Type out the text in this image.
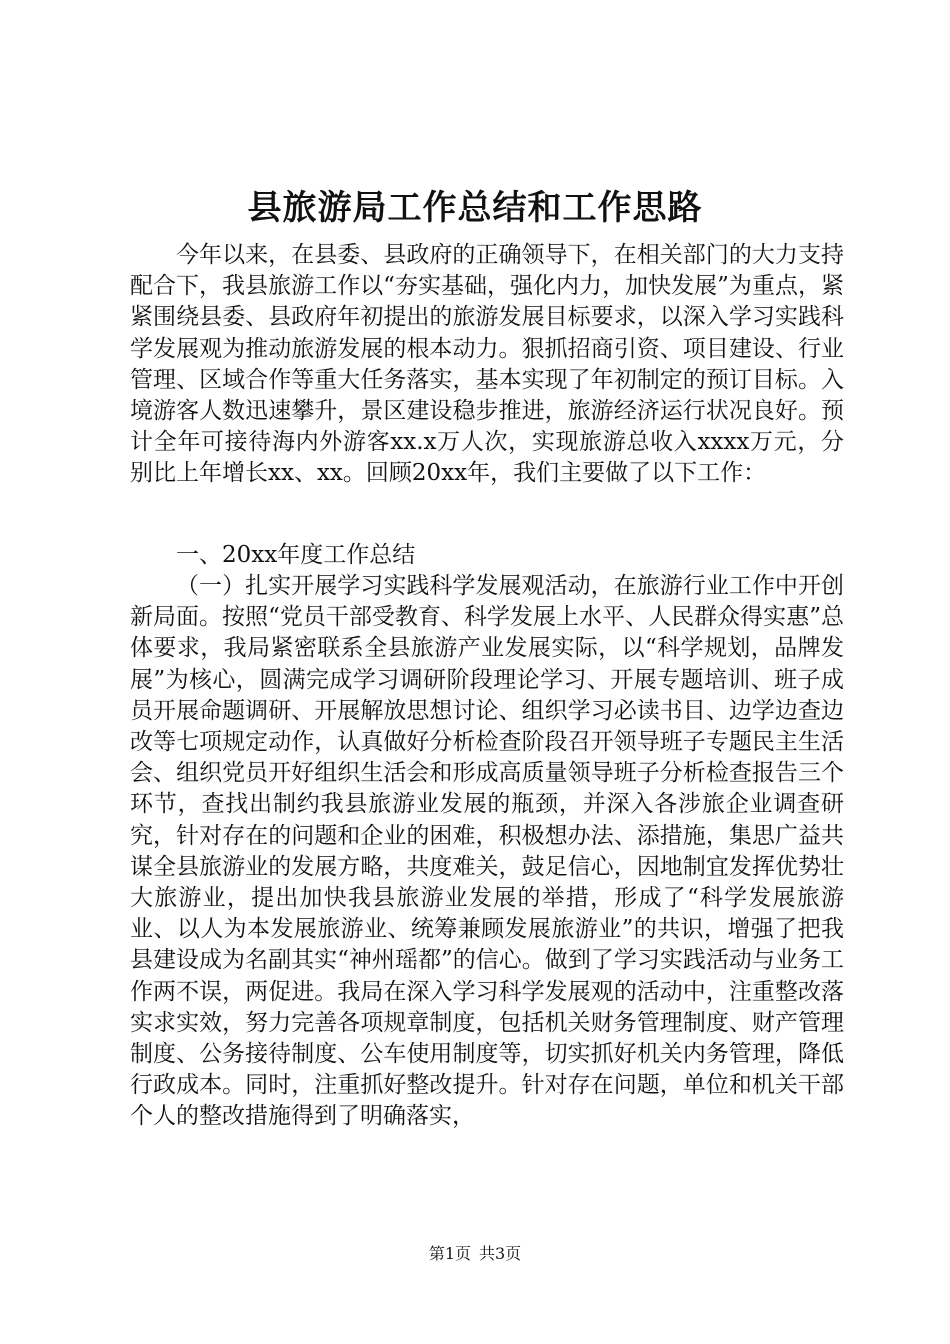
县旅游局工作总结和工作思路

今年以来，在县委、县政府的正确领导下，在相关部门的大力支持配合下，我县旅游工作以“夯实基础，强化内力，加快发展”为重点，紧紧围绕县委、县政府年初提出的旅游发展目标要求，以深入学习实践科学发展观为推动旅游发展的根本动力。狠抓招商引资、项目建设、行业管理、区域合作等重大任务落实，基本实现了年初制定的预订目标。入境游客人数迅速攀升，景区建设稳步推进，旅游经济运行状况良好。预计全年可接待海内外游客xx.x万人次，实现旅游总收入xxxx万元，分别比上年增长xx、xx。回顾20xx年，我们主要做了以下工作：

一、20xx年度工作总结

（一）扎实开展学习实践科学发展观活动，在旅游行业工作中开创新局面。按照“党员干部受教育、科学发展上水平、人民群众得实惠”总体要求，我局紧密联系全县旅游产业发展实际，以“科学规划，品牌发展”为核心，圆满完成学习调研阶段理论学习、开展专题培训、班子成员开展命题调研、开展解放思想讨论、组织学习必读书目、边学边查边改等七项规定动作，认真做好分析检查阶段召开领导班子专题民主生活会、组织党员开好组织生活会和形成高质量领导班子分析检查报告三个环节，查找出制约我县旅游业发展的瓶颈，并深入各涉旅企业调查研究，针对存在的问题和企业的困难，积极想办法、添措施，集思广益共谋全县旅游业的发展方略，共度难关，鼓足信心，因地制宜发挥优势壮大旅游业，提出加快我县旅游业发展的举措，形成了“科学发展旅游业、以人为本发展旅游业、统筹兼顾发展旅游业”的共识，增强了把我县建设成为名副其实“神州瑶都”的信心。做到了学习实践活动与业务工作两不误，两促进。我局在深入学习科学发展观的活动中，注重整改落实求实效，努力完善各项规章制度，包括机关财务管理制度、财产管理制度、公务接待制度、公车使用制度等，切实抓好机关内务管理，降低行政成本。同时，注重抓好整改提升。针对存在问题，单位和机关干部个人的整改措施得到了明确落实，

第1页 共3页
